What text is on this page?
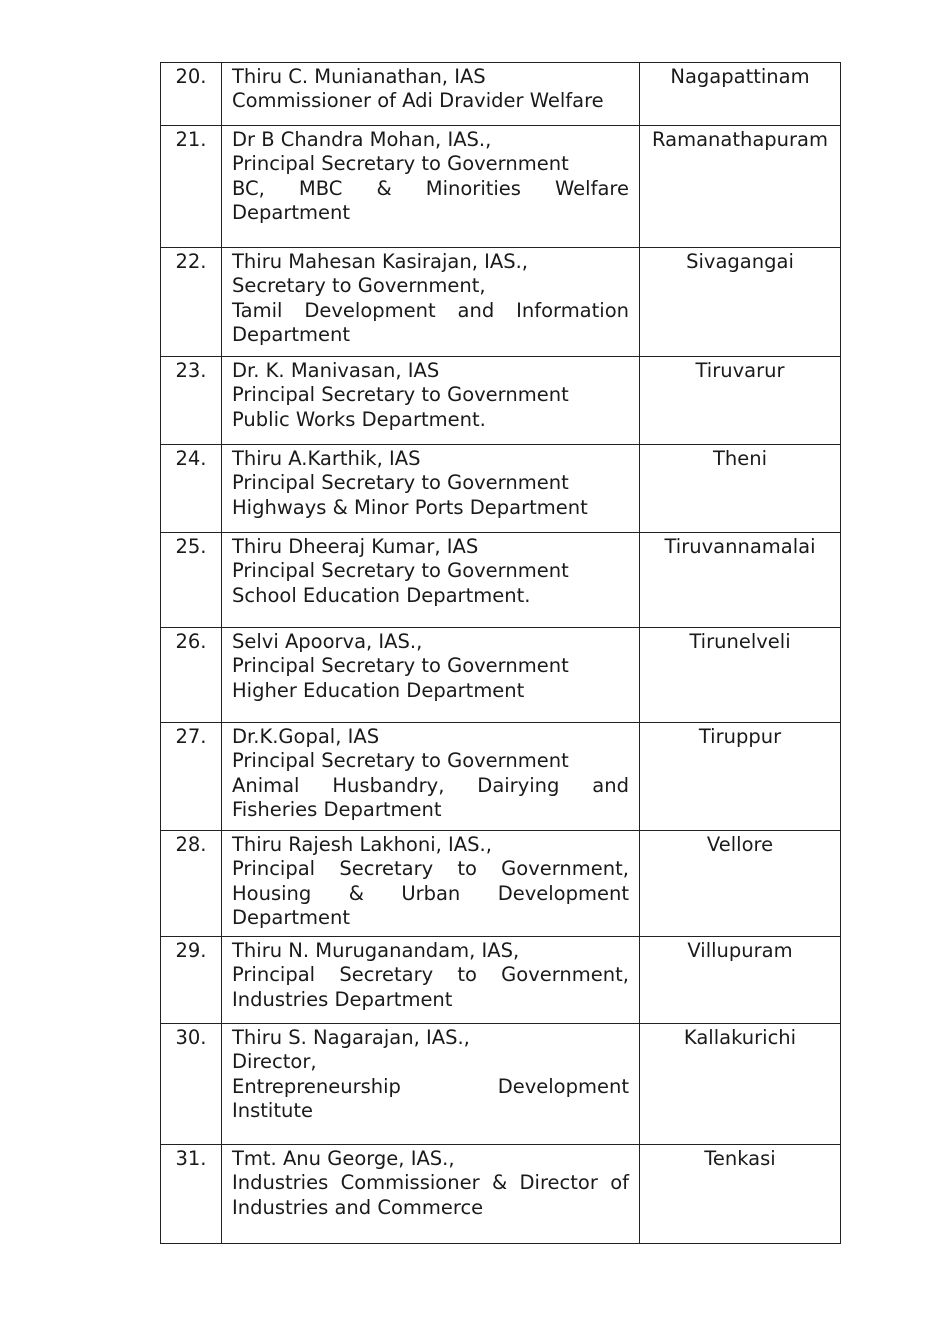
20.	Thiru C. Munianathan, IAS
Commissioner of Adi Dravider Welfare	Nagapattinam
21.	Dr B Chandra Mohan, IAS.,
Principal Secretary to Government
BC, MBC & Minorities Welfare
Department	Ramanathapuram
22.	Thiru Mahesan Kasirajan, IAS.,
Secretary to Government,
Tamil Development and Information
Department	Sivagangai
23.	Dr. K. Manivasan, IAS
Principal Secretary to Government
Public Works Department.	Tiruvarur
24.	Thiru A.Karthik, IAS
Principal Secretary to Government
Highways & Minor Ports Department	Theni
25.	Thiru Dheeraj Kumar, IAS
Principal Secretary to Government
School Education Department.	Tiruvannamalai
26.	Selvi Apoorva, IAS.,
Principal Secretary to Government
Higher Education Department	Tirunelveli
27.	Dr.K.Gopal, IAS
Principal Secretary to Government
Animal Husbandry, Dairying and
Fisheries Department	Tiruppur
28.	Thiru Rajesh Lakhoni, IAS.,
Principal Secretary to Government,
Housing & Urban Development
Department	Vellore
29.	Thiru N. Muruganandam, IAS,
Principal Secretary to Government,
Industries Department	Villupuram
30.	Thiru S. Nagarajan, IAS.,
Director,
Entrepreneurship Development
Institute	Kallakurichi
31.	Tmt. Anu George, IAS.,
Industries Commissioner & Director of
Industries and Commerce	Tenkasi
